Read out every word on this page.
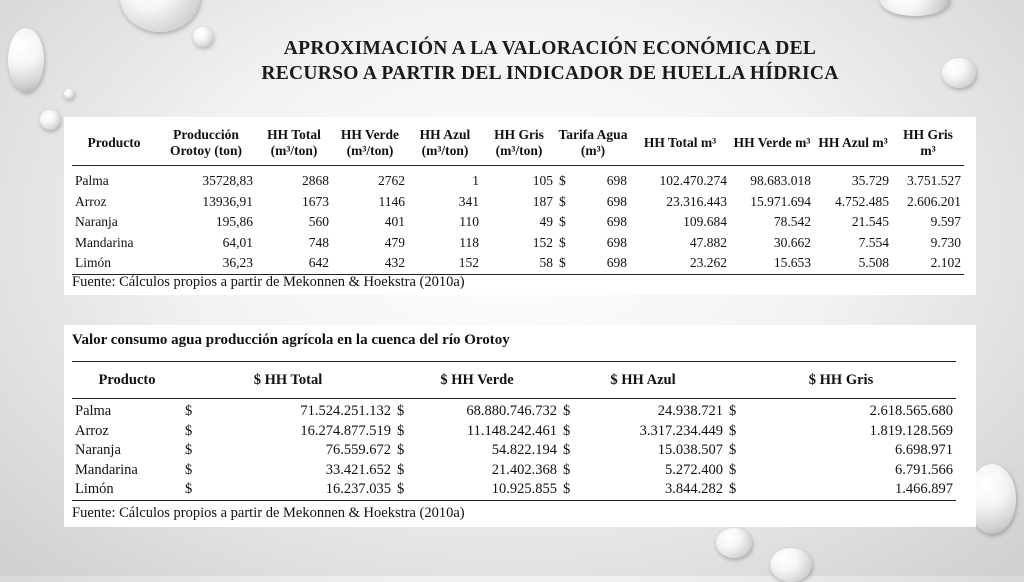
APROXIMACIÓN A LA VALORACIÓN ECONÓMICA DEL
RECURSO A PARTIR DEL INDICADOR DE HUELLA HÍDRICA
Producto	Producción Orotoy (ton)	HH Total (m³/ton)	HH Verde (m³/ton)	HH Azul (m³/ton)	HH Gris (m³/ton)	Tarifa Agua (m³)		HH Total m³	HH Verde m³	HH Azul m³	HH Gris m³
Palma	35728,83	2868	2762	1	105	$	698	102.470.274	98.683.018	35.729	3.751.527
Arroz	13936,91	1673	1146	341	187	$	698	23.316.443	15.971.694	4.752.485	2.606.201
Naranja	195,86	560	401	110	49	$	698	109.684	78.542	21.545	9.597
Mandarina	64,01	748	479	118	152	$	698	47.882	30.662	7.554	9.730
Limón	36,23	642	432	152	58	$	698	23.262	15.653	5.508	2.102

Fuente: Cálculos propios a partir de Mekonnen & Hoekstra (2010a)

Valor consumo agua producción agrícola en la cuenca del río Orotoy

Producto	$ HH Total		$ HH Verde		$ HH Azul		$ HH Gris	
Palma	$	71.524.251.132	$	68.880.746.732	$	24.938.721	$	2.618.565.680
Arroz	$	16.274.877.519	$	11.148.242.461	$	3.317.234.449	$	1.819.128.569
Naranja	$	76.559.672	$	54.822.194	$	15.038.507	$	6.698.971
Mandarina	$	33.421.652	$	21.402.368	$	5.272.400	$	6.791.566
Limón	$	16.237.035	$	10.925.855	$	3.844.282	$	1.466.897

Fuente: Cálculos propios a partir de Mekonnen & Hoekstra (2010a)
